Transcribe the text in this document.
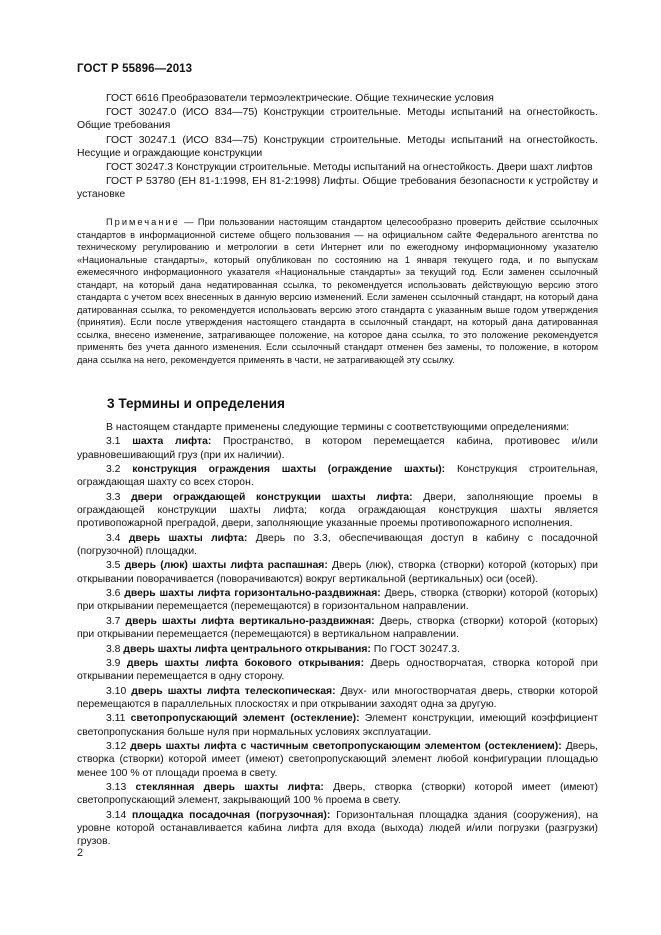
ГОСТ Р 55896—2013

ГОСТ 6616 Преобразователи термоэлектрические. Общие технические условия

ГОСТ 30247.0 (ИСО 834—75) Конструкции строительные. Методы испытаний на огнестойкость. Общие требования

ГОСТ 30247.1 (ИСО 834—75) Конструкции строительные. Методы испытаний на огнестойкость. Несущие и ограждающие конструкции

ГОСТ 30247.3 Конструкции строительные. Методы испытаний на огнестойкость. Двери шахт лифтов

ГОСТ Р 53780 (ЕН 81-1:1998, ЕН 81-2:1998) Лифты. Общие требования безопасности к устройству и установке

Примечание — При пользовании настоящим стандартом целесообразно проверить действие ссылочных стандартов в информационной системе общего пользования — на официальном сайте Федерального агентства по техническому регулированию и метрологии в сети Интернет или по ежегодному информационному указателю «Национальные стандарты», который опубликован по состоянию на 1 января текущего года, и по выпускам ежемесячного информационного указателя «Национальные стандарты» за текущий год. Если заменен ссылочный стандарт, на который дана недатированная ссылка, то рекомендуется использовать действующую версию этого стандарта с учетом всех внесенных в данную версию изменений. Если заменен ссылочный стандарт, на который дана датированная ссылка, то рекомендуется использовать версию этого стандарта с указанным выше годом утверждения (принятия). Если после утверждения настоящего стандарта в ссылочный стандарт, на который дана датированная ссылка, внесено изменение, затрагивающее положение, на которое дана ссылка, то это положение рекомендуется применять без учета данного изменения. Если ссылочный стандарт отменен без замены, то положение, в котором дана ссылка на него, рекомендуется применять в части, не затрагивающей эту ссылку.
3 Термины и определения

В настоящем стандарте применены следующие термины с соответствующими определениями:

3.1 шахта лифта: Пространство, в котором перемещается кабина, противовес и/или уравновешивающий груз (при их наличии).

3.2 конструкция ограждения шахты (ограждение шахты): Конструкция строительная, ограждающая шахту со всех сторон.

3.3 двери ограждающей конструкции шахты лифта: Двери, заполняющие проемы в ограждающей конструкции шахты лифта; когда ограждающая конструкция шахты является противопожарной преградой, двери, заполняющие указанные проемы противопожарного исполнения.

3.4 дверь шахты лифта: Дверь по 3.3, обеспечивающая доступ в кабину с посадочной (погрузочной) площадки.

3.5 дверь (люк) шахты лифта распашная: Дверь (люк), створка (створки) которой (которых) при открывании поворачивается (поворачиваются) вокруг вертикальной (вертикальных) оси (осей).

3.6 дверь шахты лифта горизонтально-раздвижная: Дверь, створка (створки) которой (которых) при открывании перемещается (перемещаются) в горизонтальном направлении.

3.7 дверь шахты лифта вертикально-раздвижная: Дверь, створка (створки) которой (которых) при открывании перемещается (перемещаются) в вертикальном направлении.

3.8 дверь шахты лифта центрального открывания: По ГОСТ 30247.3.

3.9 дверь шахты лифта бокового открывания: Дверь одностворчатая, створка которой при открывании перемещается в одну сторону.

3.10 дверь шахты лифта телескопическая: Двух- или многостворчатая дверь, створки которой перемещаются в параллельных плоскостях и при открывании заходят одна за другую.

3.11 светопропускающий элемент (остекление): Элемент конструкции, имеющий коэффициент светопропускания больше нуля при нормальных условиях эксплуатации.

3.12 дверь шахты лифта с частичным светопропускающим элементом (остеклением): Дверь, створка (створки) которой имеет (имеют) светопропускающий элемент любой конфигурации площадью менее 100 % от площади проема в свету.

3.13 стеклянная дверь шахты лифта: Дверь, створка (створки) которой имеет (имеют) светопропускающий элемент, закрывающий 100 % проема в свету.

3.14 площадка посадочная (погрузочная): Горизонтальная площадка здания (сооружения), на уровне которой останавливается кабина лифта для входа (выхода) людей и/или погрузки (разгрузки) грузов.

2
